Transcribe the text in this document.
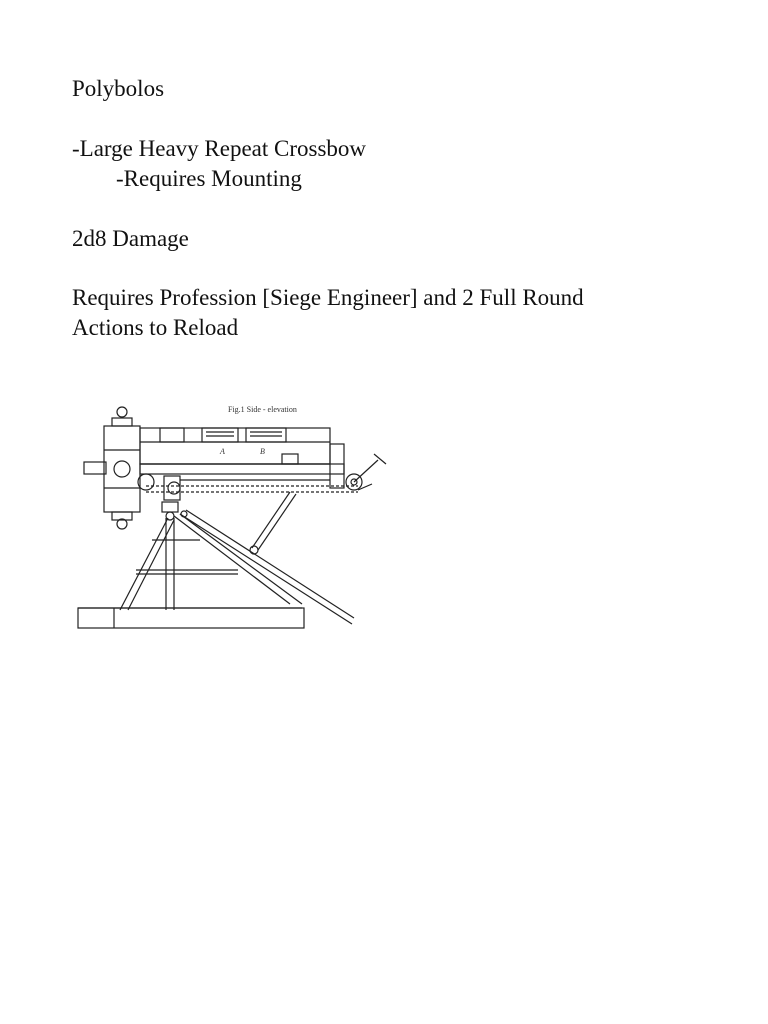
Polybolos
-Large Heavy Repeat Crossbow
-Requires Mounting
2d8 Damage
Requires Profession [Siege Engineer] and 2 Full Round
Actions to Reload
Fig.1 Side - elevation
A	B
